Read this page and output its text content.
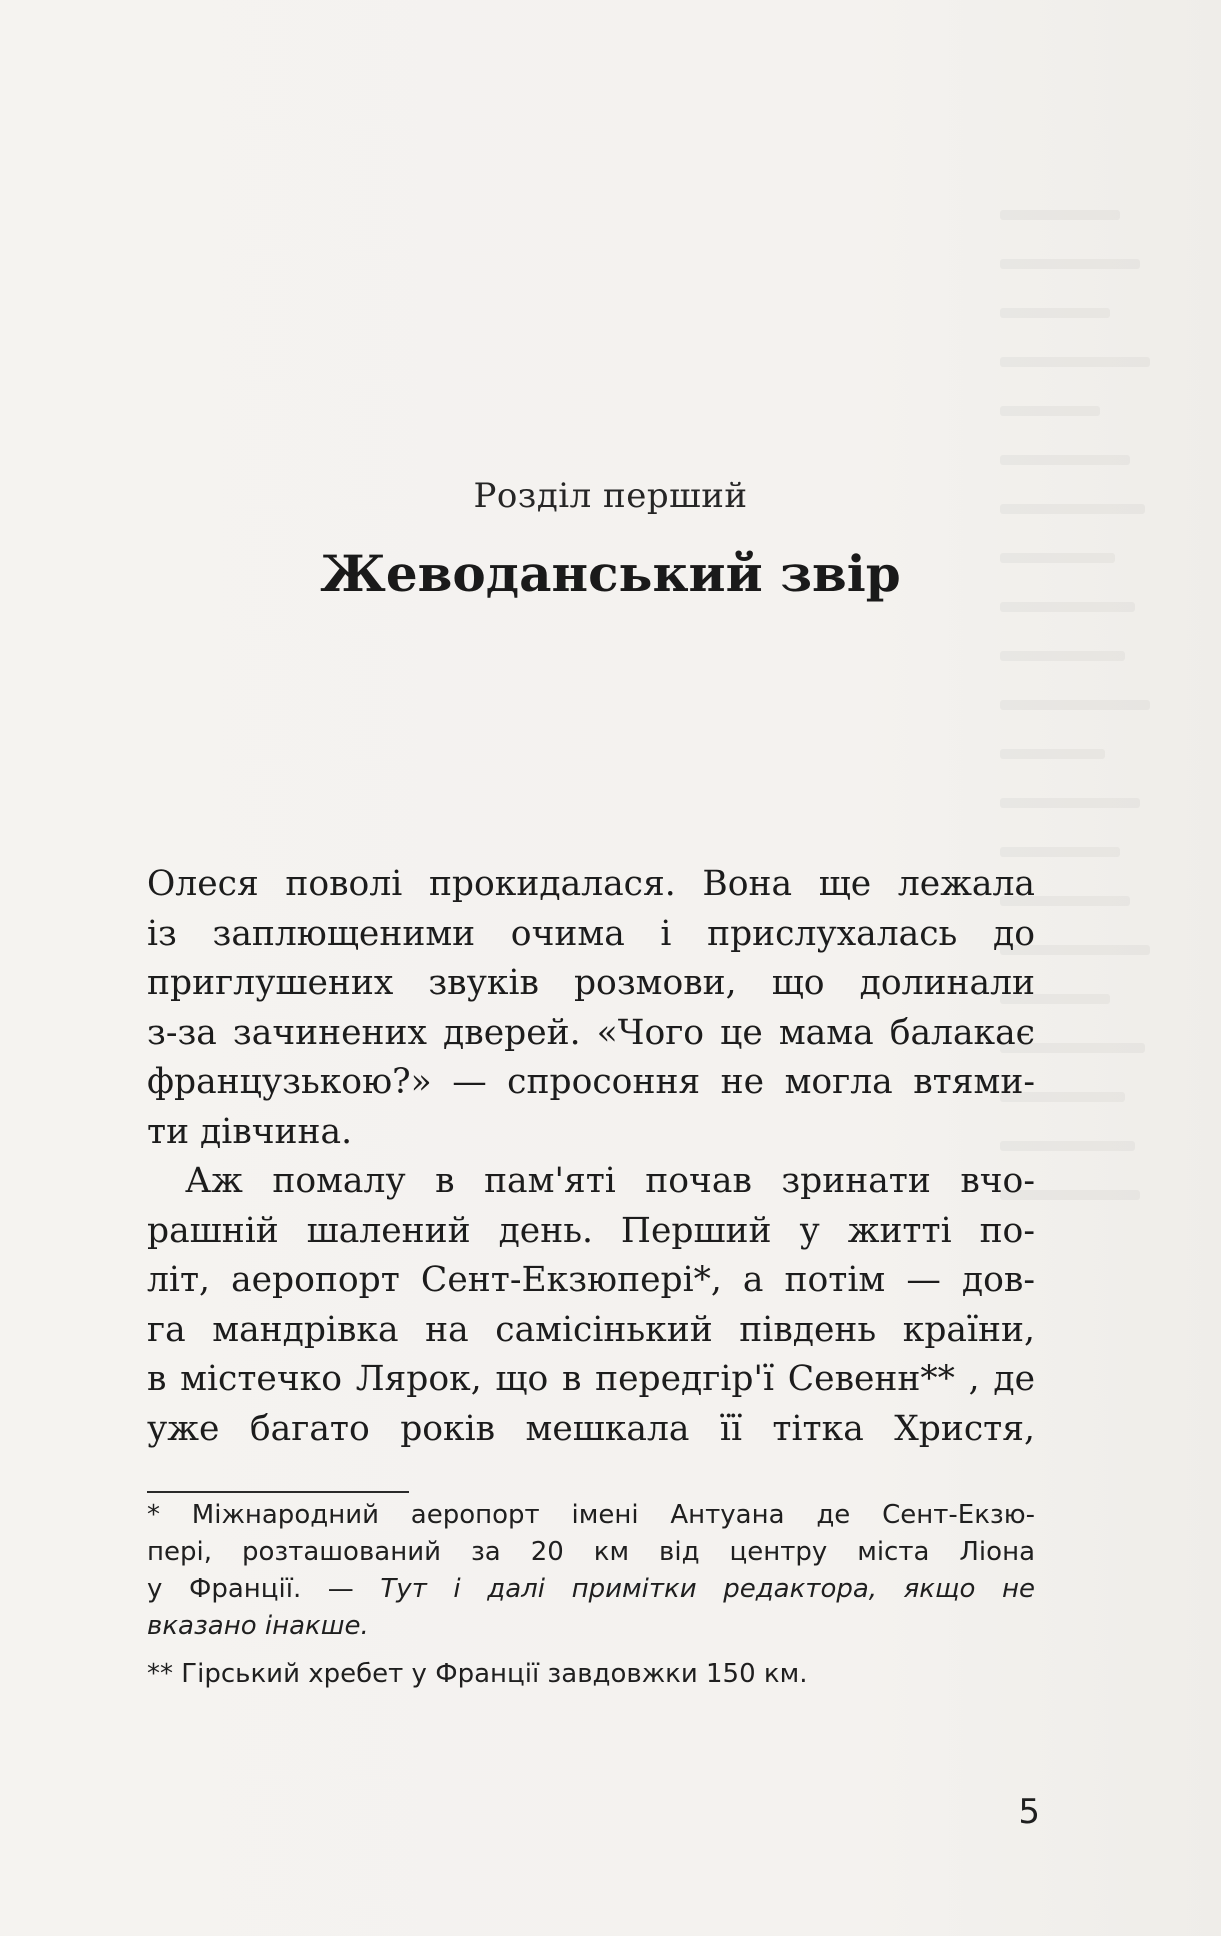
Розділ перший
Жеводанський звір

Олеся поволі прокидалася. Вона ще лежала
із заплющеними очима і прислухалась до
приглушених звуків розмови, що долинали
з-за зачинених дверей. «Чого це мама балакає
французькою?» — спросоння не могла втями-
ти дівчина.

Аж помалу в пам'яті почав зринати вчо-
рашній шалений день. Перший у житті по-
літ, аеропорт Сент-Екзюпері*, а потім — дов-
га мандрівка на самісінький південь країни,
в містечко Лярок, що в передгір'ї Севенн** , де
уже багато років мешкала її тітка Христя,

* Міжнародний аеропорт імені Антуана де Сент-Екзю-
пері, розташований за 20 км від центру міста Ліона
у Франції. — Тут і далі примітки редактора, якщо не
вказано інакше.
** Гірський хребет у Франції завдовжки 150 км.
5
